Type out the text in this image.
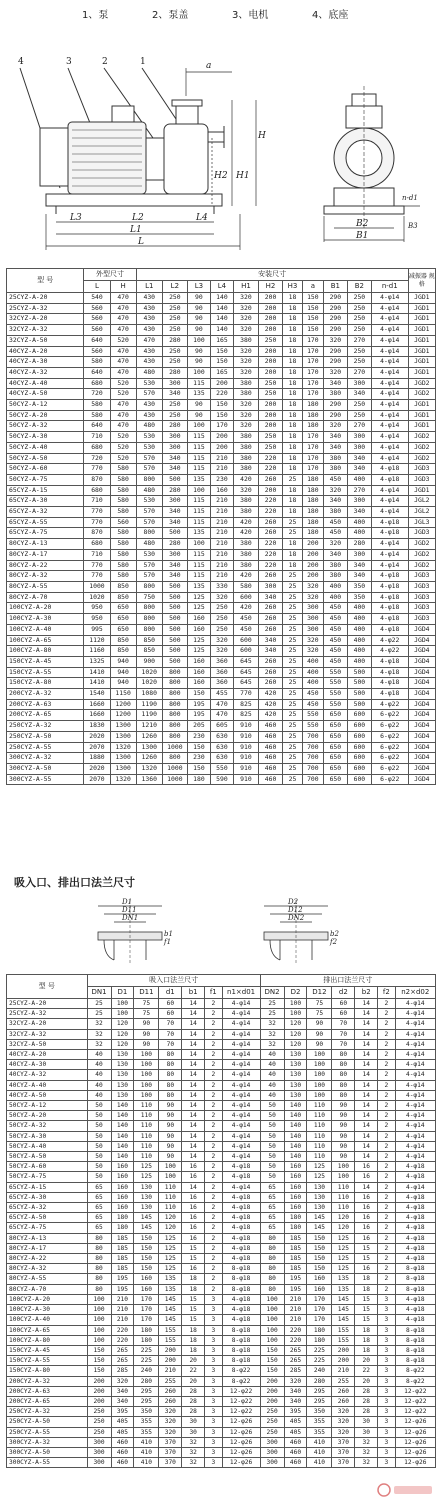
1、泵	2、泵盖	3、电机	4、底座
4	3	2	1	a
H
H1
H2
L3	L2	L4
L1
L
B2
B1
n-d1
B3
型 号	外型尺寸		安装尺寸											减振器 规格
	L	H	L1	L2	L3	L4	H1	H2	H3	a	B1	B2	n-d1	
25CYZ-A-20	540	470	430	250	90	140	320	200	18	150	290	250	4-φ14	JGD1
25CYZ-A-32	560	470	430	250	90	140	320	200	18	150	290	250	4-φ14	JGD1
32CYZ-A-20	560	470	430	250	90	140	320	200	18	150	290	250	4-φ14	JGD1
32CYZ-A-32	560	470	430	250	90	140	320	200	18	150	290	250	4-φ14	JGD1
32CYZ-A-50	640	520	470	280	100	165	380	250	18	170	320	270	4-φ14	JGD1
40CYZ-A-20	560	470	430	250	90	150	320	200	18	170	290	250	4-φ14	JGD1
40CYZ-A-30	580	470	430	250	90	150	320	200	18	170	290	250	4-φ14	JGD1
40CYZ-A-32	640	470	480	280	100	165	320	200	18	170	320	270	4-φ14	JGD1
40CYZ-A-40	680	520	530	300	115	200	380	250	18	170	340	300	4-φ14	JGD2
40CYZ-A-50	720	520	570	340	135	220	380	250	18	170	380	340	4-φ14	JGD2
50CYZ-A-12	580	470	430	250	90	150	320	200	18	180	290	250	4-φ14	JGD1
50CYZ-A-20	580	470	430	250	90	150	320	200	18	180	290	250	4-φ14	JGD1
50CYZ-A-32	640	470	480	280	100	170	320	200	18	180	320	270	4-φ14	JGD1
50CYZ-A-30	710	520	530	300	115	200	380	250	18	170	340	300	4-φ14	JGD2
50CYZ-A-40	680	520	530	300	115	200	380	250	18	170	340	300	4-φ14	JGD2
50CYZ-A-50	720	520	570	340	115	210	380	220	18	170	380	340	4-φ14	JGD2
50CYZ-A-60	770	580	570	340	115	210	380	220	18	170	380	340	4-φ18	JGD3
50CYZ-A-75	870	580	800	500	135	230	420	260	25	180	450	400	4-φ18	JGD3
65CYZ-A-15	680	580	480	280	100	160	320	200	18	180	320	270	4-φ14	JGD1
65CYZ-A-30	710	580	530	300	115	210	380	220	18	180	340	300	4-φ14	JGL2
65CYZ-A-32	770	580	570	340	115	210	380	220	18	180	380	340	4-φ14	JGL2
65CYZ-A-55	770	560	570	340	115	210	420	260	25	180	450	400	4-φ18	JGL3
65CYZ-A-75	870	580	800	500	135	210	420	260	25	180	450	400	4-φ18	JGD3
80CYZ-A-13	680	580	480	280	100	210	380	220	18	200	320	280	4-φ14	JGD2
80CYZ-A-17	710	580	530	300	115	210	380	220	18	200	340	300	4-φ14	JGD2
80CYZ-A-22	770	580	570	340	115	210	380	220	18	200	380	340	4-φ14	JGD2
80CYZ-A-32	770	580	570	340	115	210	420	260	25	200	380	340	4-φ18	JGD3
80CYZ-A-55	1000	850	800	500	135	330	580	300	25	320	400	350	4-φ18	JGD3
80CYZ-A-70	1020	850	750	500	125	320	600	340	25	320	400	350	4-φ18	JGD3
100CYZ-A-20	950	650	800	500	125	250	420	260	25	300	450	400	4-φ18	JGD3
100CYZ-A-30	950	650	800	500	160	250	450	260	25	300	450	400	4-φ18	JGD3
100CYZ-A-40	995	650	800	500	160	250	450	260	25	300	450	400	4-φ18	JGD4
100CYZ-A-65	1120	850	850	500	125	320	600	340	25	320	450	400	4-φ22	JGD4
100CYZ-A-80	1160	850	850	500	125	320	600	340	25	320	450	400	4-φ22	JGD4
150CYZ-A-45	1325	940	900	500	160	360	645	260	25	400	450	400	4-φ18	JGD4
150CYZ-A-55	1410	940	1020	800	160	360	645	260	25	400	550	500	4-φ18	JGD4
150CYZ-A-80	1410	940	1020	800	160	360	645	260	25	400	550	500	4-φ18	JGD4
200CYZ-A-32	1540	1150	1080	800	150	455	770	420	25	450	550	500	4-φ18	JGD4
200CYZ-A-63	1660	1200	1190	800	195	470	825	420	25	450	550	500	4-φ22	JGD4
200CYZ-A-65	1660	1200	1190	800	195	470	825	420	25	550	650	600	6-φ22	JGD4
250CYZ-A-32	1830	1300	1210	800	205	605	910	460	25	550	650	600	6-φ22	JGD4
250CYZ-A-50	2020	1300	1260	800	230	630	910	460	25	700	650	600	6-φ22	JGD4
250CYZ-A-55	2070	1320	1300	1000	150	630	910	460	25	700	650	600	6-φ22	JGD4
300CYZ-A-32	1880	1300	1260	800	230	630	910	460	25	700	650	600	6-φ22	JGD4
300CYZ-A-50	2020	1300	1320	1000	150	550	910	460	25	700	650	600	6-φ22	JGD4
300CYZ-A-55	2070	1320	1360	1000	180	590	910	460	25	700	650	600	6-φ22	JGD4
吸入口、排出口法兰尺寸
D1
D11
DN1
b1
f1
D2
D12
DN2
b2
f2
型 号	吸入口法兰尺寸							排出口法兰尺寸						
	DN1	D1	D11	d1	b1	f1	n1×d01	DN2	D2	D12	d2	b2	f2	n2×d02
25CYZ-A-20	25	100	75	60	14	2	4-φ14	25	100	75	60	14	2	4-φ14
25CYZ-A-32	25	100	75	60	14	2	4-φ14	25	100	75	60	14	2	4-φ14
32CYZ-A-20	32	120	90	70	14	2	4-φ14	32	120	90	70	14	2	4-φ14
32CYZ-A-32	32	120	90	70	14	2	4-φ14	32	120	90	70	14	2	4-φ14
32CYZ-A-50	32	120	90	70	14	2	4-φ14	32	120	90	70	14	2	4-φ14
40CYZ-A-20	40	130	100	80	14	2	4-φ14	40	130	100	80	14	2	4-φ14
40CYZ-A-30	40	130	100	80	14	2	4-φ14	40	130	100	80	14	2	4-φ14
40CYZ-A-32	40	130	100	80	14	2	4-φ14	40	130	100	80	14	2	4-φ14
40CYZ-A-40	40	130	100	80	14	2	4-φ14	40	130	100	80	14	2	4-φ14
40CYZ-A-50	40	130	100	80	14	2	4-φ14	40	130	100	80	14	2	4-φ14
50CYZ-A-12	50	140	110	90	14	2	4-φ14	50	140	110	90	14	2	4-φ14
50CYZ-A-20	50	140	110	90	14	2	4-φ14	50	140	110	90	14	2	4-φ14
50CYZ-A-32	50	140	110	90	14	2	4-φ14	50	140	110	90	14	2	4-φ14
50CYZ-A-30	50	140	110	90	14	2	4-φ14	50	140	110	90	14	2	4-φ14
50CYZ-A-40	50	140	110	90	14	2	4-φ14	50	140	110	90	14	2	4-φ14
50CYZ-A-50	50	140	110	90	14	2	4-φ14	50	140	110	90	14	2	4-φ14
50CYZ-A-60	50	160	125	100	16	2	4-φ18	50	160	125	100	16	2	4-φ18
50CYZ-A-75	50	160	125	100	16	2	4-φ18	50	160	125	100	16	2	4-φ18
65CYZ-A-15	65	160	130	110	14	2	4-φ14	65	160	130	110	14	2	4-φ14
65CYZ-A-30	65	160	130	110	16	2	4-φ18	65	160	130	110	16	2	4-φ18
65CYZ-A-32	65	160	130	110	16	2	4-φ18	65	160	130	110	16	2	4-φ18
65CYZ-A-50	65	180	145	120	16	2	4-φ18	65	180	145	120	16	2	4-φ18
65CYZ-A-75	65	180	145	120	16	2	4-φ18	65	180	145	120	16	2	4-φ18
80CYZ-A-13	80	185	150	125	16	2	4-φ18	80	185	150	125	16	2	4-φ18
80CYZ-A-17	80	185	150	125	15	2	4-φ18	80	185	150	125	15	2	4-φ18
80CYZ-A-22	80	185	150	125	15	2	4-φ18	80	185	150	125	15	2	4-φ18
80CYZ-A-32	80	185	150	125	16	2	8-φ18	80	185	150	125	16	2	8-φ18
80CYZ-A-55	80	195	160	135	18	2	8-φ18	80	195	160	135	18	2	8-φ18
80CYZ-A-70	80	195	160	135	18	2	8-φ18	80	195	160	135	18	2	8-φ18
100CYZ-A-20	100	210	170	145	15	3	4-φ18	100	210	170	145	15	3	4-φ18
100CYZ-A-30	100	210	170	145	15	3	4-φ18	100	210	170	145	15	3	4-φ18
100CYZ-A-40	100	210	170	145	15	3	4-φ18	100	210	170	145	15	3	4-φ18
100CYZ-A-65	100	220	180	155	18	3	8-φ18	100	220	180	155	18	3	8-φ18
100CYZ-A-80	100	220	180	155	18	3	8-φ18	100	220	180	155	18	3	8-φ18
150CYZ-A-45	150	265	225	200	18	3	8-φ18	150	265	225	200	18	3	8-φ18
150CYZ-A-55	150	265	225	200	20	3	8-φ18	150	265	225	200	20	3	8-φ18
150CYZ-A-80	150	285	240	210	22	3	8-φ22	150	285	240	210	22	3	8-φ22
200CYZ-A-32	200	320	280	255	20	3	8-φ22	200	320	280	255	20	3	8-φ22
200CYZ-A-63	200	340	295	260	28	3	12-φ22	200	340	295	260	28	3	12-φ22
200CYZ-A-65	200	340	295	260	28	3	12-φ22	200	340	295	260	28	3	12-φ22
250CYZ-A-32	250	395	350	320	28	3	12-φ22	250	395	350	320	28	3	12-φ22
250CYZ-A-50	250	405	355	320	30	3	12-φ26	250	405	355	320	30	3	12-φ26
250CYZ-A-55	250	405	355	320	30	3	12-φ26	250	405	355	320	30	3	12-φ26
300CYZ-A-32	300	460	410	370	32	3	12-φ26	300	460	410	370	32	3	12-φ26
300CYZ-A-50	300	460	410	370	32	3	12-φ26	300	460	410	370	32	3	12-φ26
300CYZ-A-55	300	460	410	370	32	3	12-φ26	300	460	410	370	32	3	12-φ26
